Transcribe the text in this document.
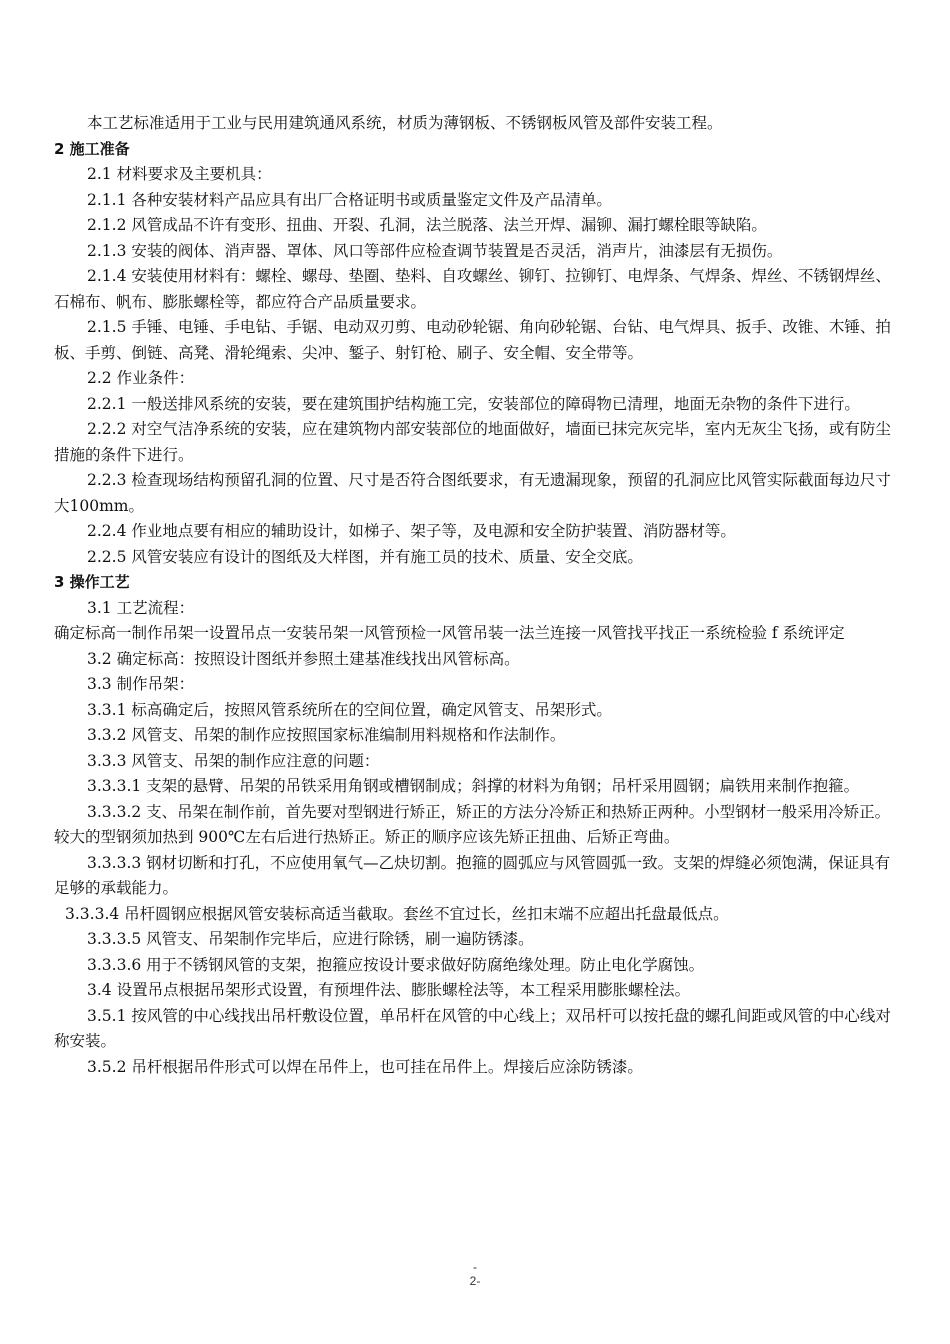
本工艺标准适用于工业与民用建筑通风系统，材质为薄钢板、不锈钢板风管及部件安装工程。

2 施工准备

2.1 材料要求及主要机具：

2.1.1 各种安装材料产品应具有出厂合格证明书或质量鉴定文件及产品清单。

2.1.2 风管成品不许有变形、扭曲、开裂、孔洞，法兰脱落、法兰开焊、漏铆、漏打螺栓眼等缺陷。

2.1.3 安装的阀体、消声器、罩体、风口等部件应检查调节装置是否灵活，消声片，油漆层有无损伤。

2.1.4 安装使用材料有：螺栓、螺母、垫圈、垫料、自攻螺丝、铆钉、拉铆钉、电焊条、气焊条、焊丝、不锈钢焊丝、石棉布、帆布、膨胀螺栓等，都应符合产品质量要求。

2.1.5 手锤、电锤、手电钻、手锯、电动双刃剪、电动砂轮锯、角向砂轮锯、台钻、电气焊具、扳手、改锥、木锤、拍板、手剪、倒链、高凳、滑轮绳索、尖冲、錾子、射钉枪、刷子、安全帽、安全带等。

2.2 作业条件：

2.2.1 一般送排风系统的安装，要在建筑围护结构施工完，安装部位的障碍物已清理，地面无杂物的条件下进行。

2.2.2 对空气洁净系统的安装，应在建筑物内部安装部位的地面做好，墙面已抹完灰完毕，室内无灰尘飞扬，或有防尘措施的条件下进行。

2.2.3 检查现场结构预留孔洞的位置、尺寸是否符合图纸要求，有无遗漏现象，预留的孔洞应比风管实际截面每边尺寸大100mm。

2.2.4 作业地点要有相应的辅助设计，如梯子、架子等，及电源和安全防护装置、消防器材等。

2.2.5 风管安装应有设计的图纸及大样图，并有施工员的技术、质量、安全交底。

3 操作工艺

3.1 工艺流程：

确定标高一制作吊架一设置吊点一安装吊架一风管预检一风管吊装一法兰连接一风管找平找正一系统检验 f 系统评定

3.2 确定标高：按照设计图纸并参照土建基准线找出风管标高。

3.3 制作吊架：

3.3.1 标高确定后，按照风管系统所在的空间位置，确定风管支、吊架形式。

3.3.2 风管支、吊架的制作应按照国家标准编制用料规格和作法制作。

3.3.3 风管支、吊架的制作应注意的问题：

3.3.3.1 支架的悬臂、吊架的吊铁采用角钢或槽钢制成；斜撑的材料为角钢；吊杆采用圆钢；扁铁用来制作抱箍。

3.3.3.2 支、吊架在制作前，首先要对型钢进行矫正，矫正的方法分冷矫正和热矫正两种。小型钢材一般采用冷矫正。较大的型钢须加热到 900℃左右后进行热矫正。矫正的顺序应该先矫正扭曲、后矫正弯曲。

3.3.3.3 钢材切断和打孔，不应使用氧气—乙炔切割。抱箍的圆弧应与风管圆弧一致。支架的焊缝必须饱满，保证具有足够的承载能力。

3.3.3.4 吊杆圆钢应根据风管安装标高适当截取。套丝不宜过长，丝扣末端不应超出托盘最低点。

3.3.3.5 风管支、吊架制作完毕后，应进行除锈，刷一遍防锈漆。

3.3.3.6 用于不锈钢风管的支架，抱箍应按设计要求做好防腐绝缘处理。防止电化学腐蚀。

3.4 设置吊点根据吊架形式设置，有预埋件法、膨胀螺栓法等，本工程采用膨胀螺栓法。

3.5.1 按风管的中心线找出吊杆敷设位置，单吊杆在风管的中心线上；双吊杆可以按托盘的螺孔间距或风管的中心线对称安装。

3.5.2 吊杆根据吊件形式可以焊在吊件上，也可挂在吊件上。焊接后应涂防锈漆。

-
2-
